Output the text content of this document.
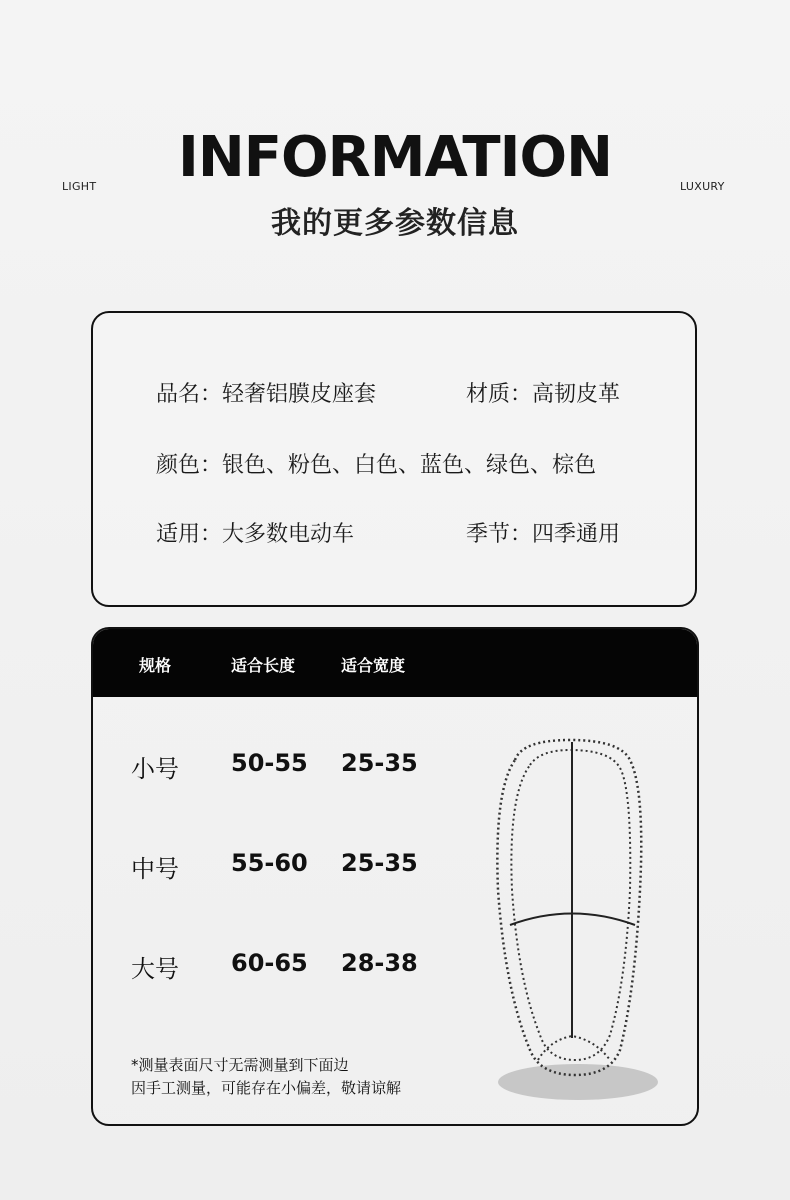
LIGHT	LUXURY
INFORMATION
我的更多参数信息
品名：轻奢铝膜皮座套	材质：高韧皮革
颜色：银色、粉色、白色、蓝色、绿色、棕色
适用：大多数电动车	季节：四季通用
规格	适合长度	适合宽度
小号 50-55 25-35
中号 55-60 25-35
大号 60-65 28-38
*测量表面尺寸无需测量到下面边
因手工测量，可能存在小偏差，敬请谅解
